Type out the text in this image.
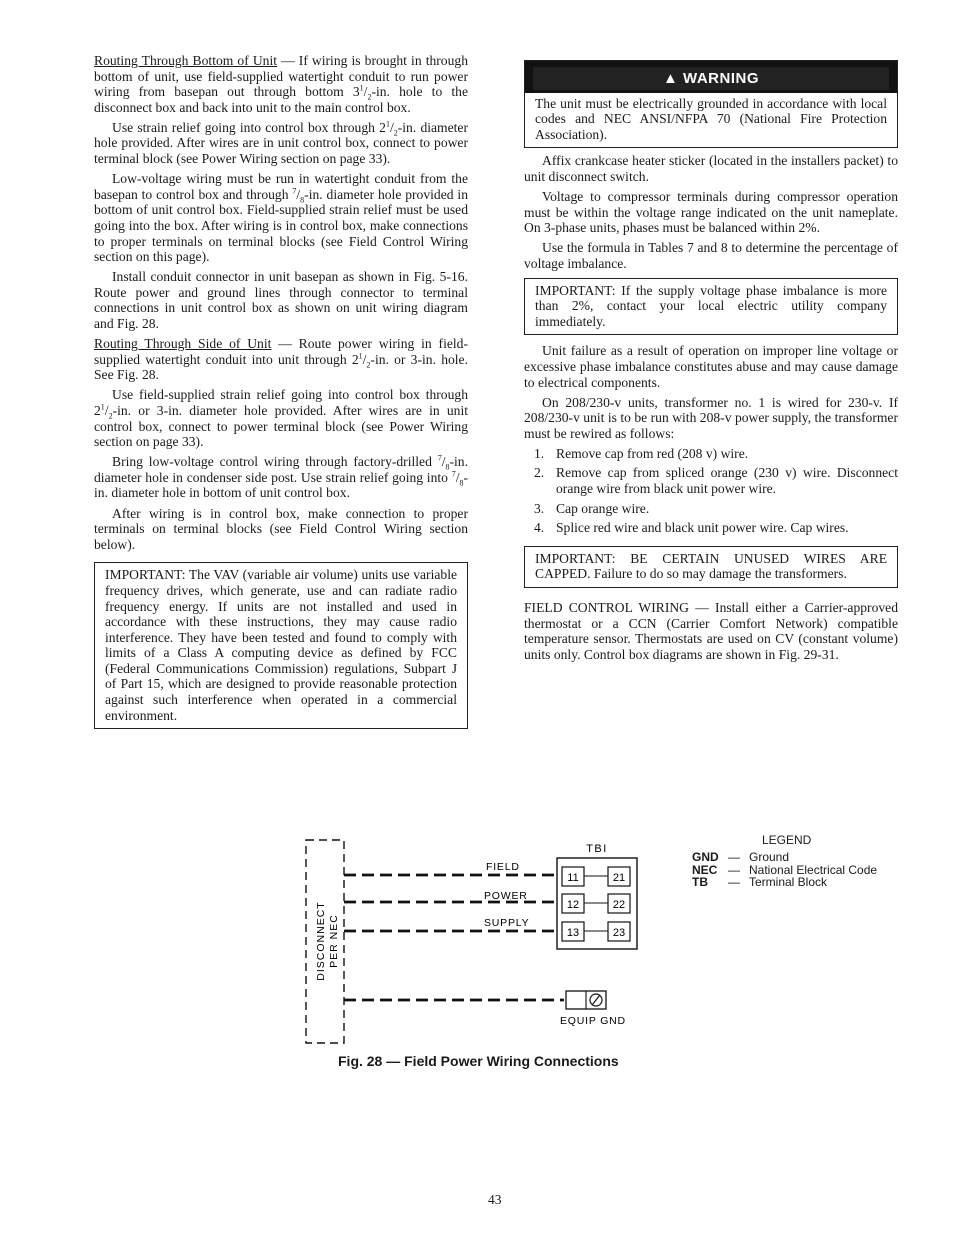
Routing Through Bottom of Unit — If wiring is brought in through bottom of unit, use field-supplied watertight conduit to run power wiring from basepan out through bottom $3^1/_2-in$. hole to the disconnect box and back into unit to the main control box.

Use strain relief going into control box through $2^1/_2-in$. diameter hole provided. After wires are in unit control box, connect to power terminal block (see Power Wiring section on page 33).

Low-voltage wiring must be run in watertight conduit from the basepan to control box and through $^7/_8-in$. diameter hole provided in bottom of unit control box. Field-supplied strain relief must be used going into the box. After wiring is in control box, make connections to proper terminals on terminal blocks (see Field Control Wiring section on this page).

Install conduit connector in unit basepan as shown in Fig. 5-16. Route power and ground lines through connector to terminal connections in unit control box as shown on unit wiring diagram and Fig. 28.

Routing Through Side of Unit — Route power wiring in field-supplied watertight conduit into unit through $2^1/_2-in$. or 3-in. hole. See Fig. 28.

Use field-supplied strain relief going into control box through $2^1/_2-in$. or 3-in. diameter hole provided. After wires are in unit control box, connect to power terminal block (see Power Wiring section on page 33).

Bring low-voltage control wiring through factory-drilled $^7/_8-in$. diameter hole in condenser side post. Use strain relief going into $^7/_8-in$. diameter hole in bottom of unit control box.

After wiring is in control box, make connection to proper terminals on terminal blocks (see Field Control Wiring section below).

IMPORTANT: The VAV (variable air volume) units use variable frequency drives, which generate, use and can radiate radio frequency energy. If units are not installed and used in accordance with these instructions, they may cause radio interference. They have been tested and found to comply with limits of a Class A computing device as defined by FCC (Federal Communications Commission) regulations, Subpart J of Part 15, which are designed to provide reasonable protection against such interference when operated in a commercial environment.
▲ WARNING
The unit must be electrically grounded in accordance with local codes and NEC ANSI/NFPA 70 (National Fire Protection Association).

Affix crankcase heater sticker (located in the installers packet) to unit disconnect switch.

Voltage to compressor terminals during compressor operation must be within the voltage range indicated on the unit nameplate. On 3-phase units, phases must be balanced within 2%.

Use the formula in Tables 7 and 8 to determine the percentage of voltage imbalance.

IMPORTANT: If the supply voltage phase imbalance is more than 2%, contact your local electric utility company immediately.

Unit failure as a result of operation on improper line voltage or excessive phase imbalance constitutes abuse and may cause damage to electrical components.

On 208/230-v units, transformer no. 1 is wired for 230-v. If 208/230-v unit is to be run with 208-v power supply, the transformer must be rewired as follows:

1. Remove cap from red (208 v) wire.
2. Remove cap from spliced orange (230 v) wire. Disconnect orange wire from black unit power wire.
3. Cap orange wire.
4. Splice red wire and black unit power wire. Cap wires.
IMPORTANT: BE CERTAIN UNUSED WIRES ARE CAPPED. Failure to do so may damage the transformers.

FIELD CONTROL WIRING — Install either a Carrier-approved thermostat or a CCN (Carrier Comfort Network) compatible temperature sensor. Thermostats are used on CV (constant volume) units only. Control box diagrams are shown in Fig. 29-31.

DISCONNECT PER NEC
FIELD
POWER
SUPPLY
TBI
11
12
13
21
22
23
EQUIP GND
LEGEND
GND — Ground
NEC — National Electrical Code
TB	— Terminal Block
Fig. 28 — Field Power Wiring Connections
43
